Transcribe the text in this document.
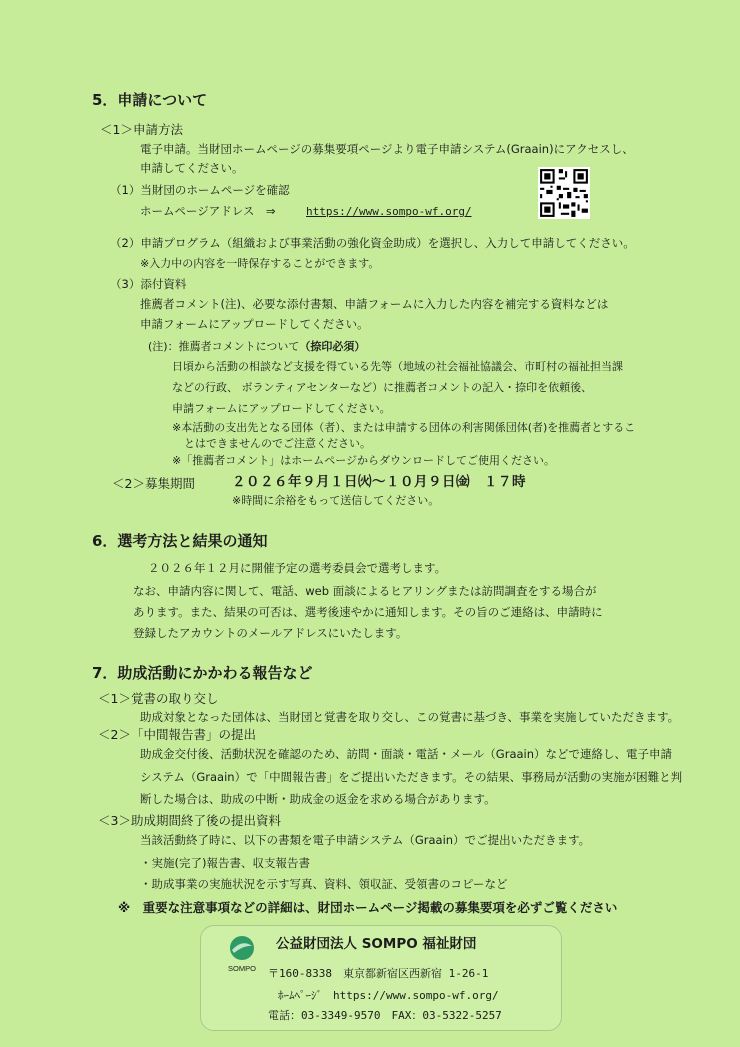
5．申請について
＜1＞申請方法
電子申請。当財団ホームページの募集要項ページより電子申請システム(Graain)にアクセスし、
申請してください。
（1）当財団のホームページを確認
ホームページアドレス　⇒	https://www.sompo-wf.org/
（2）申請プログラム（組織および事業活動の強化資金助成）を選択し、入力して申請してください。
※入力中の内容を一時保存することができます。
（3）添付資料
推薦者コメント(注)、必要な添付書類、申請フォームに入力した内容を補完する資料などは
申請フォームにアップロードしてください。
(注)：推薦者コメントについて（捺印必須）
日頃から活動の相談など支援を得ている先等（地域の社会福祉協議会、市町村の福祉担当課
などの行政、 ボランティアセンターなど）に推薦者コメントの記入・捺印を依頼後、
申請フォームにアップロードしてください。
※本活動の支出先となる団体（者）、または申請する団体の利害関係団体(者)を推薦者とするこ
とはできませんのでご注意ください。
※「推薦者コメント」はホームページからダウンロードしてご使用ください。
＜2＞募集期間	２０２６年９月１日㈫～１０月９日㈮　１７時
※時間に余裕をもって送信してください。
6．選考方法と結果の通知
２０２６年１２月に開催予定の選考委員会で選考します。
なお、申請内容に関して、電話、web 面談によるヒアリングまたは訪問調査をする場合が
あります。また、結果の可否は、選考後速やかに通知します。その旨のご連絡は、申請時に
登録したアカウントのメールアドレスにいたします。
7．助成活動にかかわる報告など
＜1＞覚書の取り交し
助成対象となった団体は、当財団と覚書を取り交し、この覚書に基づき、事業を実施していただきます。
＜2＞「中間報告書」の提出
助成金交付後、活動状況を確認のため、訪問・面談・電話・メール（Graain）などで連絡し、電子申請
システム（Graain）で「中間報告書」をご提出いただきます。その結果、事務局が活動の実施が困難と判
断した場合は、助成の中断・助成金の返金を求める場合があります。
＜3＞助成期間終了後の提出資料
当該活動終了時に、以下の書類を電子申請システム（Graain）でご提出いただきます。
・実施(完了)報告書、収支報告書
・助成事業の実施状況を示す写真、資料、領収証、受領書のコピーなど
※　重要な注意事項などの詳細は、財団ホームページ掲載の募集要項を必ずご覧ください
SOMPO
公益財団法人 SOMPO 福祉財団
〒160-8338　東京都新宿区西新宿 1-26-1
ﾎｰﾑﾍﾟｰｼﾞ　https://www.sompo-wf.org/
電話：03-3349-9570　FAX：03-5322-5257
